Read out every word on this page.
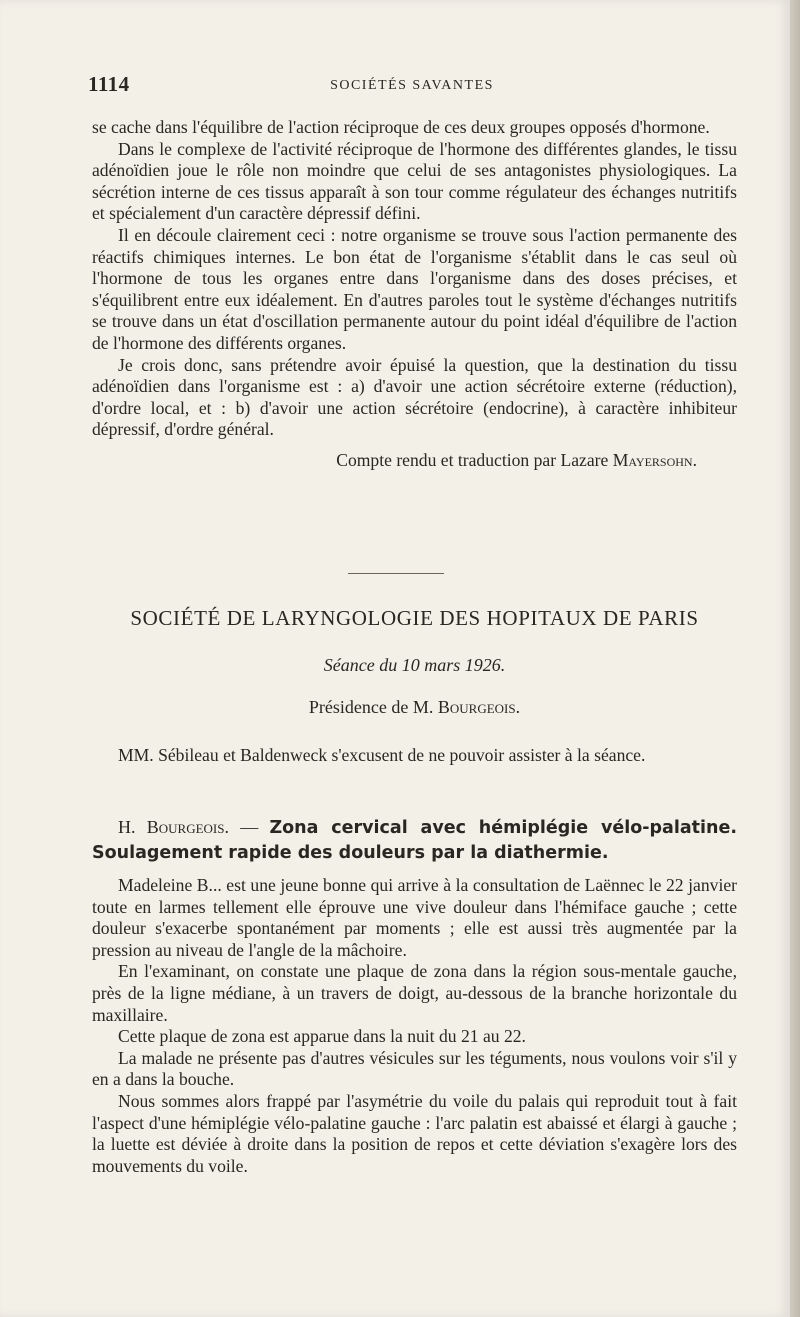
1114	SOCIÉTÉS SAVANTES

se cache dans l'équilibre de l'action réciproque de ces deux groupes opposés d'hormone.

Dans le complexe de l'activité réciproque de l'hormone des différentes glandes, le tissu adénoïdien joue le rôle non moindre que celui de ses antagonistes physiologiques. La sécrétion interne de ces tissus apparaît à son tour comme régulateur des échanges nutritifs et spécialement d'un caractère dépressif défini.

Il en découle clairement ceci : notre organisme se trouve sous l'action permanente des réactifs chimiques internes. Le bon état de l'organisme s'établit dans le cas seul où l'hormone de tous les organes entre dans l'organisme dans des doses précises, et s'équilibrent entre eux idéalement. En d'autres paroles tout le système d'échanges nutritifs se trouve dans un état d'oscillation permanente autour du point idéal d'équilibre de l'action de l'hormone des différents organes.

Je crois donc, sans prétendre avoir épuisé la question, que la destination du tissu adénoïdien dans l'organisme est : a) d'avoir une action sécrétoire externe (réduction), d'ordre local, et : b) d'avoir une action sécrétoire (endocrine), à caractère inhibiteur dépressif, d'ordre général.

Compte rendu et traduction par Lazare Mayersohn.

SOCIÉTÉ DE LARYNGOLOGIE DES HOPITAUX DE PARIS
Séance du 10 mars 1926.
Présidence de M. Bourgeois.

MM. Sébileau et Baldenweck s'excusent de ne pouvoir assister à la séance.

H. Bourgeois. — Zona cervical avec hémiplégie vélo-palatine. Soulagement rapide des douleurs par la diathermie.

Madeleine B... est une jeune bonne qui arrive à la consultation de Laënnec le 22 janvier toute en larmes tellement elle éprouve une vive douleur dans l'hémiface gauche ; cette douleur s'exacerbe spontanément par moments ; elle est aussi très augmentée par la pression au niveau de l'angle de la mâchoire.

En l'examinant, on constate une plaque de zona dans la région sous-mentale gauche, près de la ligne médiane, à un travers de doigt, au-dessous de la branche horizontale du maxillaire.

Cette plaque de zona est apparue dans la nuit du 21 au 22.

La malade ne présente pas d'autres vésicules sur les téguments, nous voulons voir s'il y en a dans la bouche.

Nous sommes alors frappé par l'asymétrie du voile du palais qui reproduit tout à fait l'aspect d'une hémiplégie vélo-palatine gauche : l'arc palatin est abaissé et élargi à gauche ; la luette est déviée à droite dans la position de repos et cette déviation s'exagère lors des mouvements du voile.
